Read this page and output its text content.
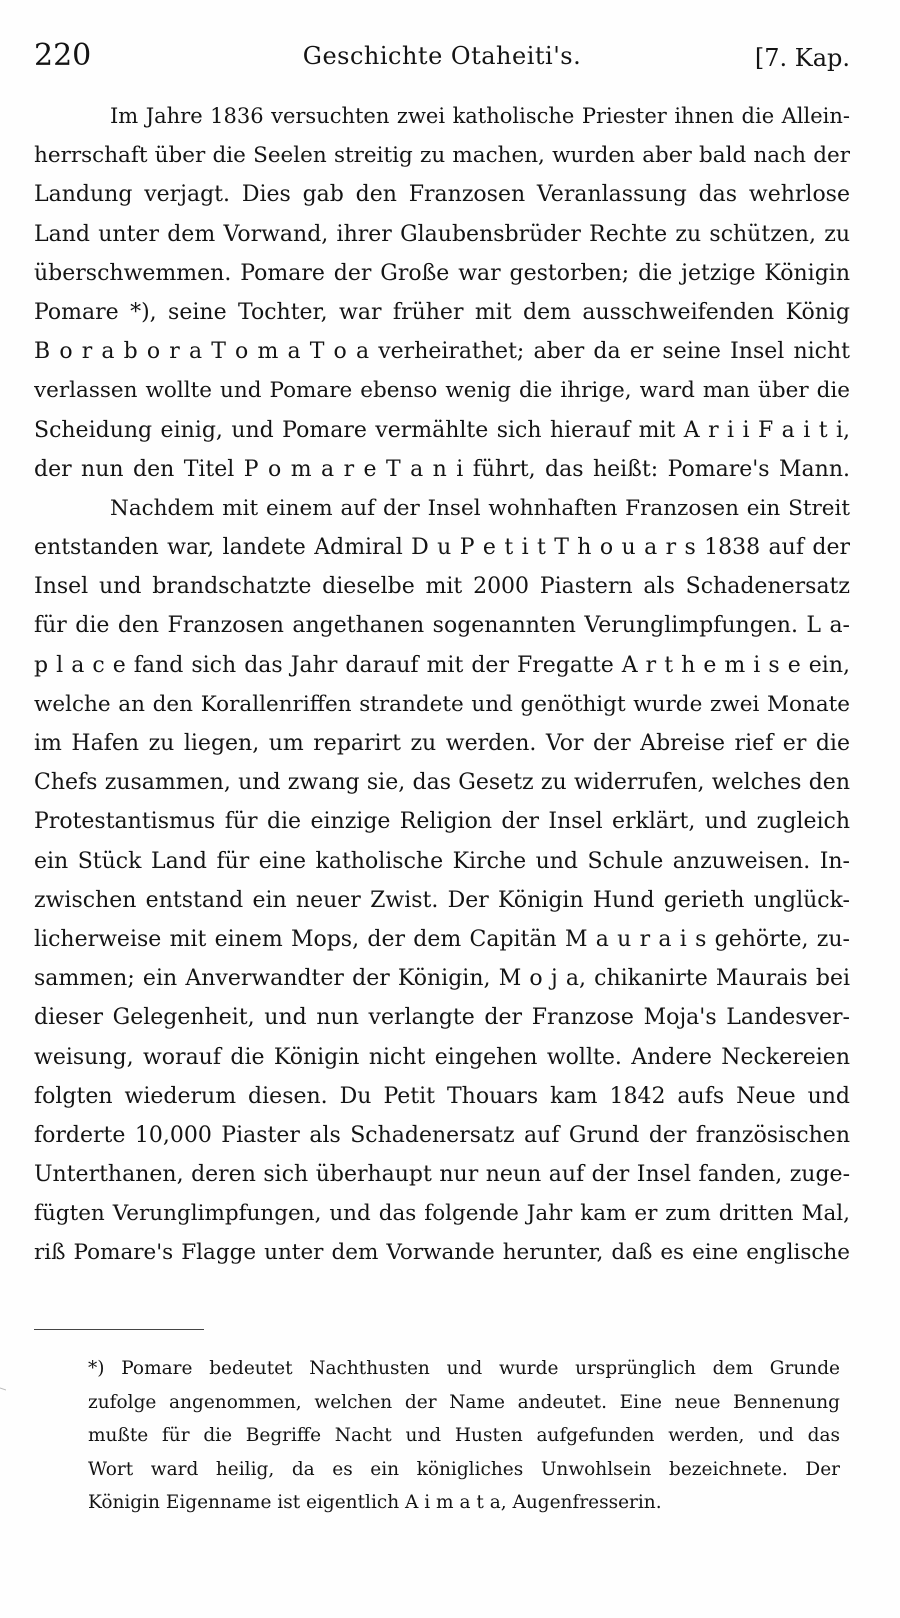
220	Geschichte Otaheiti's.	[7. Kap.
Im Jahre 1836 versuchten zwei katholische Priester ihnen die Allein-
herrschaft über die Seelen streitig zu machen, wurden aber bald nach der
Landung verjagt. Dies gab den Franzosen Veranlassung das wehrlose
Land unter dem Vorwand, ihrer Glaubensbrüder Rechte zu schützen, zu
überschwemmen. Pomare der Große war gestorben; die jetzige Königin
Pomare *), seine Tochter, war früher mit dem ausschweifenden König
B o r a b o r a T o m a T o a verheirathet; aber da er seine Insel nicht
verlassen wollte und Pomare ebenso wenig die ihrige, ward man über die
Scheidung einig, und Pomare vermählte sich hierauf mit A r i i F a i t i,
der nun den Titel P o m a r e T a n i führt, das heißt: Pomare's Mann.
Nachdem mit einem auf der Insel wohnhaften Franzosen ein Streit
entstanden war, landete Admiral D u P e t i t T h o u a r s 1838 auf der
Insel und brandschatzte dieselbe mit 2000 Piastern als Schadenersatz
für die den Franzosen angethanen sogenannten Verunglimpfungen. L a-
p l a c e fand sich das Jahr darauf mit der Fregatte A r t h e m i s e ein,
welche an den Korallenriffen strandete und genöthigt wurde zwei Monate
im Hafen zu liegen, um reparirt zu werden. Vor der Abreise rief er die
Chefs zusammen, und zwang sie, das Gesetz zu widerrufen, welches den
Protestantismus für die einzige Religion der Insel erklärt, und zugleich
ein Stück Land für eine katholische Kirche und Schule anzuweisen. In-
zwischen entstand ein neuer Zwist. Der Königin Hund gerieth unglück-
licherweise mit einem Mops, der dem Capitän M a u r a i s gehörte, zu-
sammen; ein Anverwandter der Königin, M o j a, chikanirte Maurais bei
dieser Gelegenheit, und nun verlangte der Franzose Moja's Landesver-
weisung, worauf die Königin nicht eingehen wollte. Andere Neckereien
folgten wiederum diesen. Du Petit Thouars kam 1842 aufs Neue und
forderte 10,000 Piaster als Schadenersatz auf Grund der französischen
Unterthanen, deren sich überhaupt nur neun auf der Insel fanden, zuge-
fügten Verunglimpfungen, und das folgende Jahr kam er zum dritten Mal,
riß Pomare's Flagge unter dem Vorwande herunter, daß es eine englische
*) Pomare bedeutet Nachthusten und wurde ursprünglich dem Grunde
zufolge angenommen, welchen der Name andeutet. Eine neue Bennenung
mußte für die Begriffe Nacht und Husten aufgefunden werden, und das
Wort ward heilig, da es ein königliches Unwohlsein bezeichnete. Der
Königin Eigenname ist eigentlich A i m a t a, Augenfresserin.
